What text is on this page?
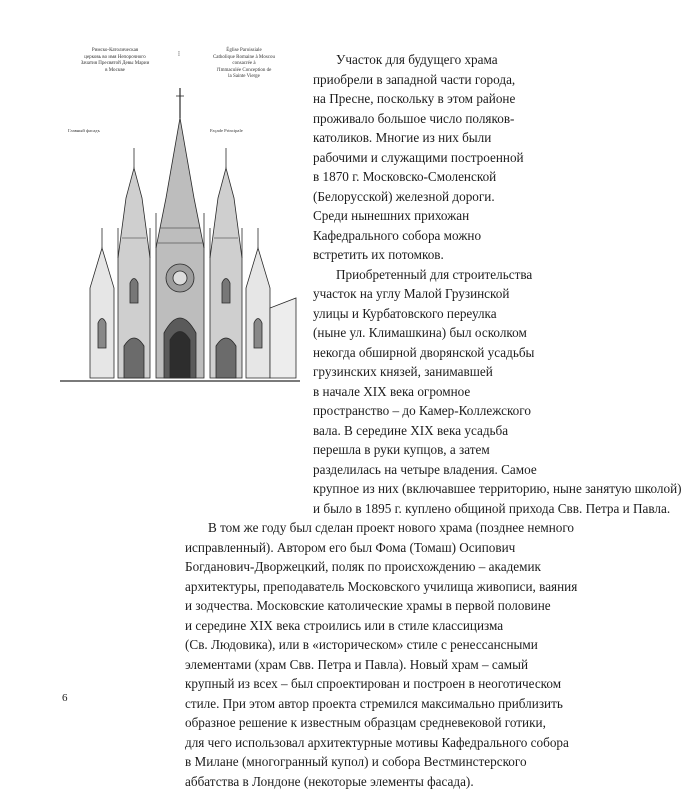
Римско-Католическая
церковь во имя Непорочного
Зачатия Пресвятой Девы Марии
в Москве
⁞	Église Paroissiale
Catholique Romaine à Moscou
consacrée à
l'Immaculée Conception de
la Sainte Vierge
Главный фасадъ	Façade Principale
Участок для будущего храма
приобрели в западной части города,
на Пресне, поскольку в этом районе
проживало большое число поляков-
католиков. Многие из них были
рабочими и служащими построенной
в 1870 г. Московско-Смоленской
(Белорусской) железной дороги.
Среди нынешних прихожан
Кафедрального собора можно
встретить их потомков.
Приобретенный для строительства
участок на углу Малой Грузинской
улицы и Курбатовского переулка
(ныне ул. Климашкина) был осколком
некогда обширной дворянской усадьбы
грузинских князей, занимавшей
в начале XIX века огромное
пространство – до Камер-Коллежского
вала. В середине XIX века усадьба
перешла в руки купцов, а затем
разделилась на четыре владения. Самое
крупное из них (включавшее территорию, ныне занятую школой)
и было в 1895 г. куплено общиной прихода Свв. Петра и Павла.
В том же году был сделан проект нового храма (позднее немного
исправленный). Автором его был Фома (Томаш) Осипович
Богданович-Дворжецкий, поляк по происхождению – академик
архитектуры, преподаватель Московского училища живописи, ваяния
и зодчества. Московские католические храмы в первой половине
и середине XIX века строились или в стиле классицизма
(Св. Людовика), или в «историческом» стиле с ренессансными
элементами (храм Свв. Петра и Павла). Новый храм – самый
крупный из всех – был спроектирован и построен в неоготическом
стиле. При этом автор проекта стремился максимально приблизить
образное решение к известным образцам средневековой готики,
для чего использовал архитектурные мотивы Кафедрального собора
в Милане (многогранный купол) и собора Вестминстерского
аббатства в Лондоне (некоторые элементы фасада).
6
